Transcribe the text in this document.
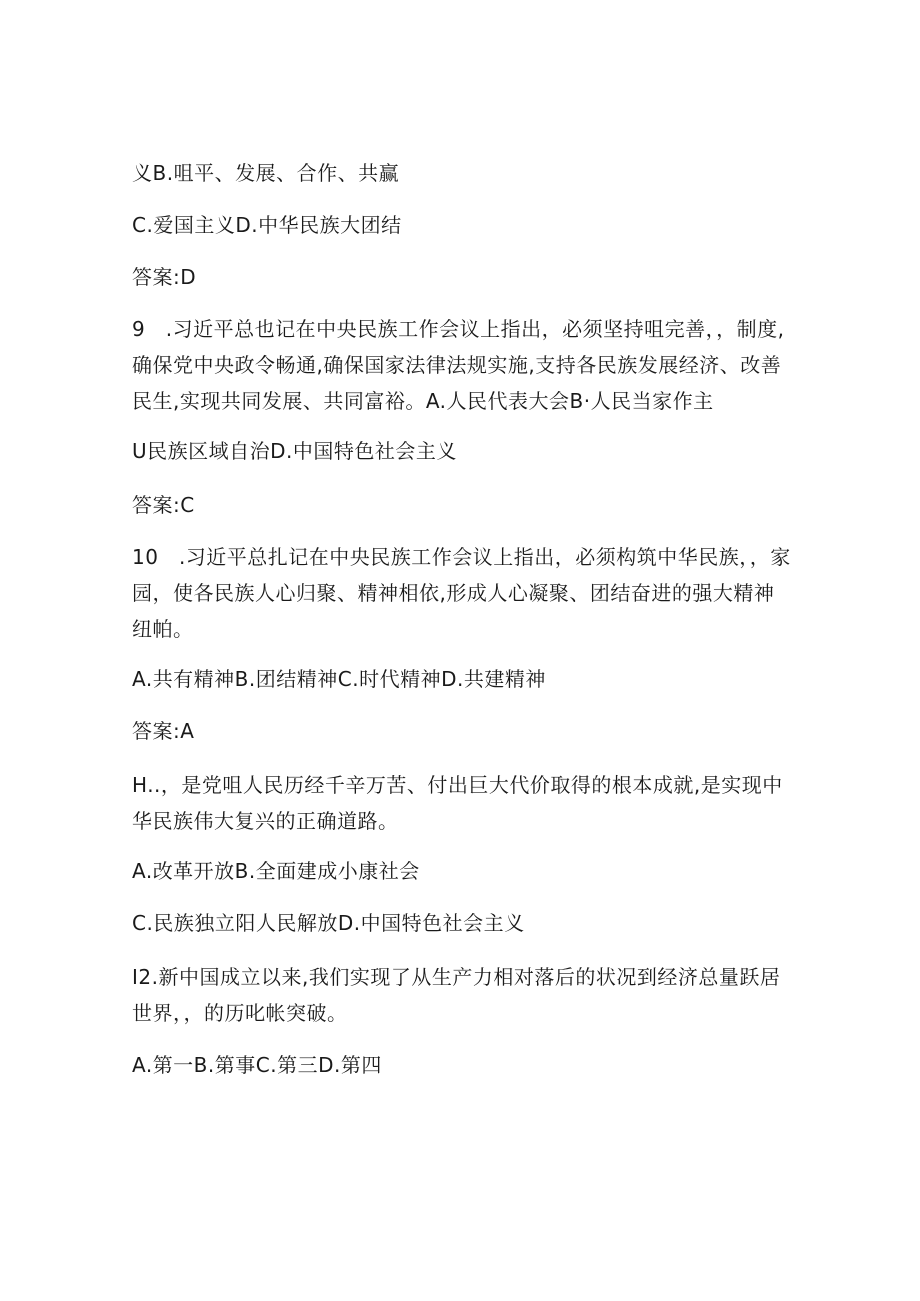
义B.咀平、发展、合作、共赢
C.爱国主义D.中华民族大团结
答案:D
9　.习近平总也记在中央民族工作会议上指出，必须坚持咀完善，，制度,
确保党中央政令畅通,确保国家法律法规实施,支持各民族发展经济、改善
民生,实现共同发展、共同富裕。A.人民代表大会B·人民当家作主
U民族区域自治D.中国特色社会主义
答案:C
10　.习近平总扎记在中央民族工作会议上指出，必须构筑中华民族，，家
园，使各民族人心归聚、精神相依,形成人心凝聚、团结奋进的强大精神
纽帕。
A.共有精神B.团结精神C.时代精神D.共建精神
答案:A
H..，是党咀人民历经千辛万苦、付出巨大代价取得的根本成就,是实现中
华民族伟大复兴的正确道路。
A.改革开放B.全面建成小康社会
C.民族独立阳人民解放D.中国特色社会主义
I2.新中国成立以来,我们实现了从生产力相对落后的状况到经济总量跃居
世界，，的历叱帐突破。
A.第一B.第事C.第三D.第四
